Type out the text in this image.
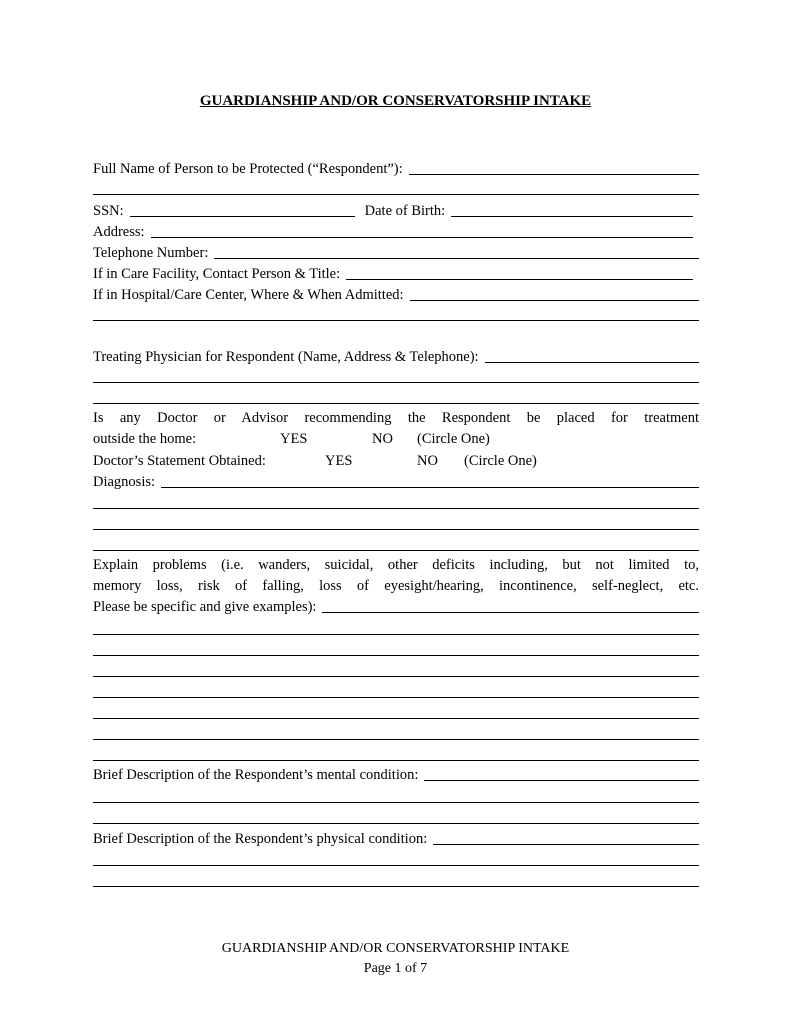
GUARDIANSHIP AND/OR CONSERVATORSHIP INTAKE
Full Name of Person to be Protected (“Respondent”):
SSN:	Date of Birth:
Address:
Telephone Number:
If in Care Facility, Contact Person & Title:
If in Hospital/Care Center, Where & When Admitted:
Treating Physician for Respondent (Name, Address & Telephone):
Is any Doctor or Advisor recommending the Respondent be placed for treatment
outside the home:	YES	NO (Circle One)
Doctor’s Statement Obtained:	YES	NO (Circle One)
Diagnosis:
Explain problems (i.e. wanders, suicidal, other deficits including, but not limited to,
memory loss, risk of falling, loss of eyesight/hearing, incontinence, self-neglect, etc.
Please be specific and give examples):
Brief Description of the Respondent’s mental condition:
Brief Description of the Respondent’s physical condition:
GUARDIANSHIP AND/OR CONSERVATORSHIP INTAKE
Page 1 of 7
